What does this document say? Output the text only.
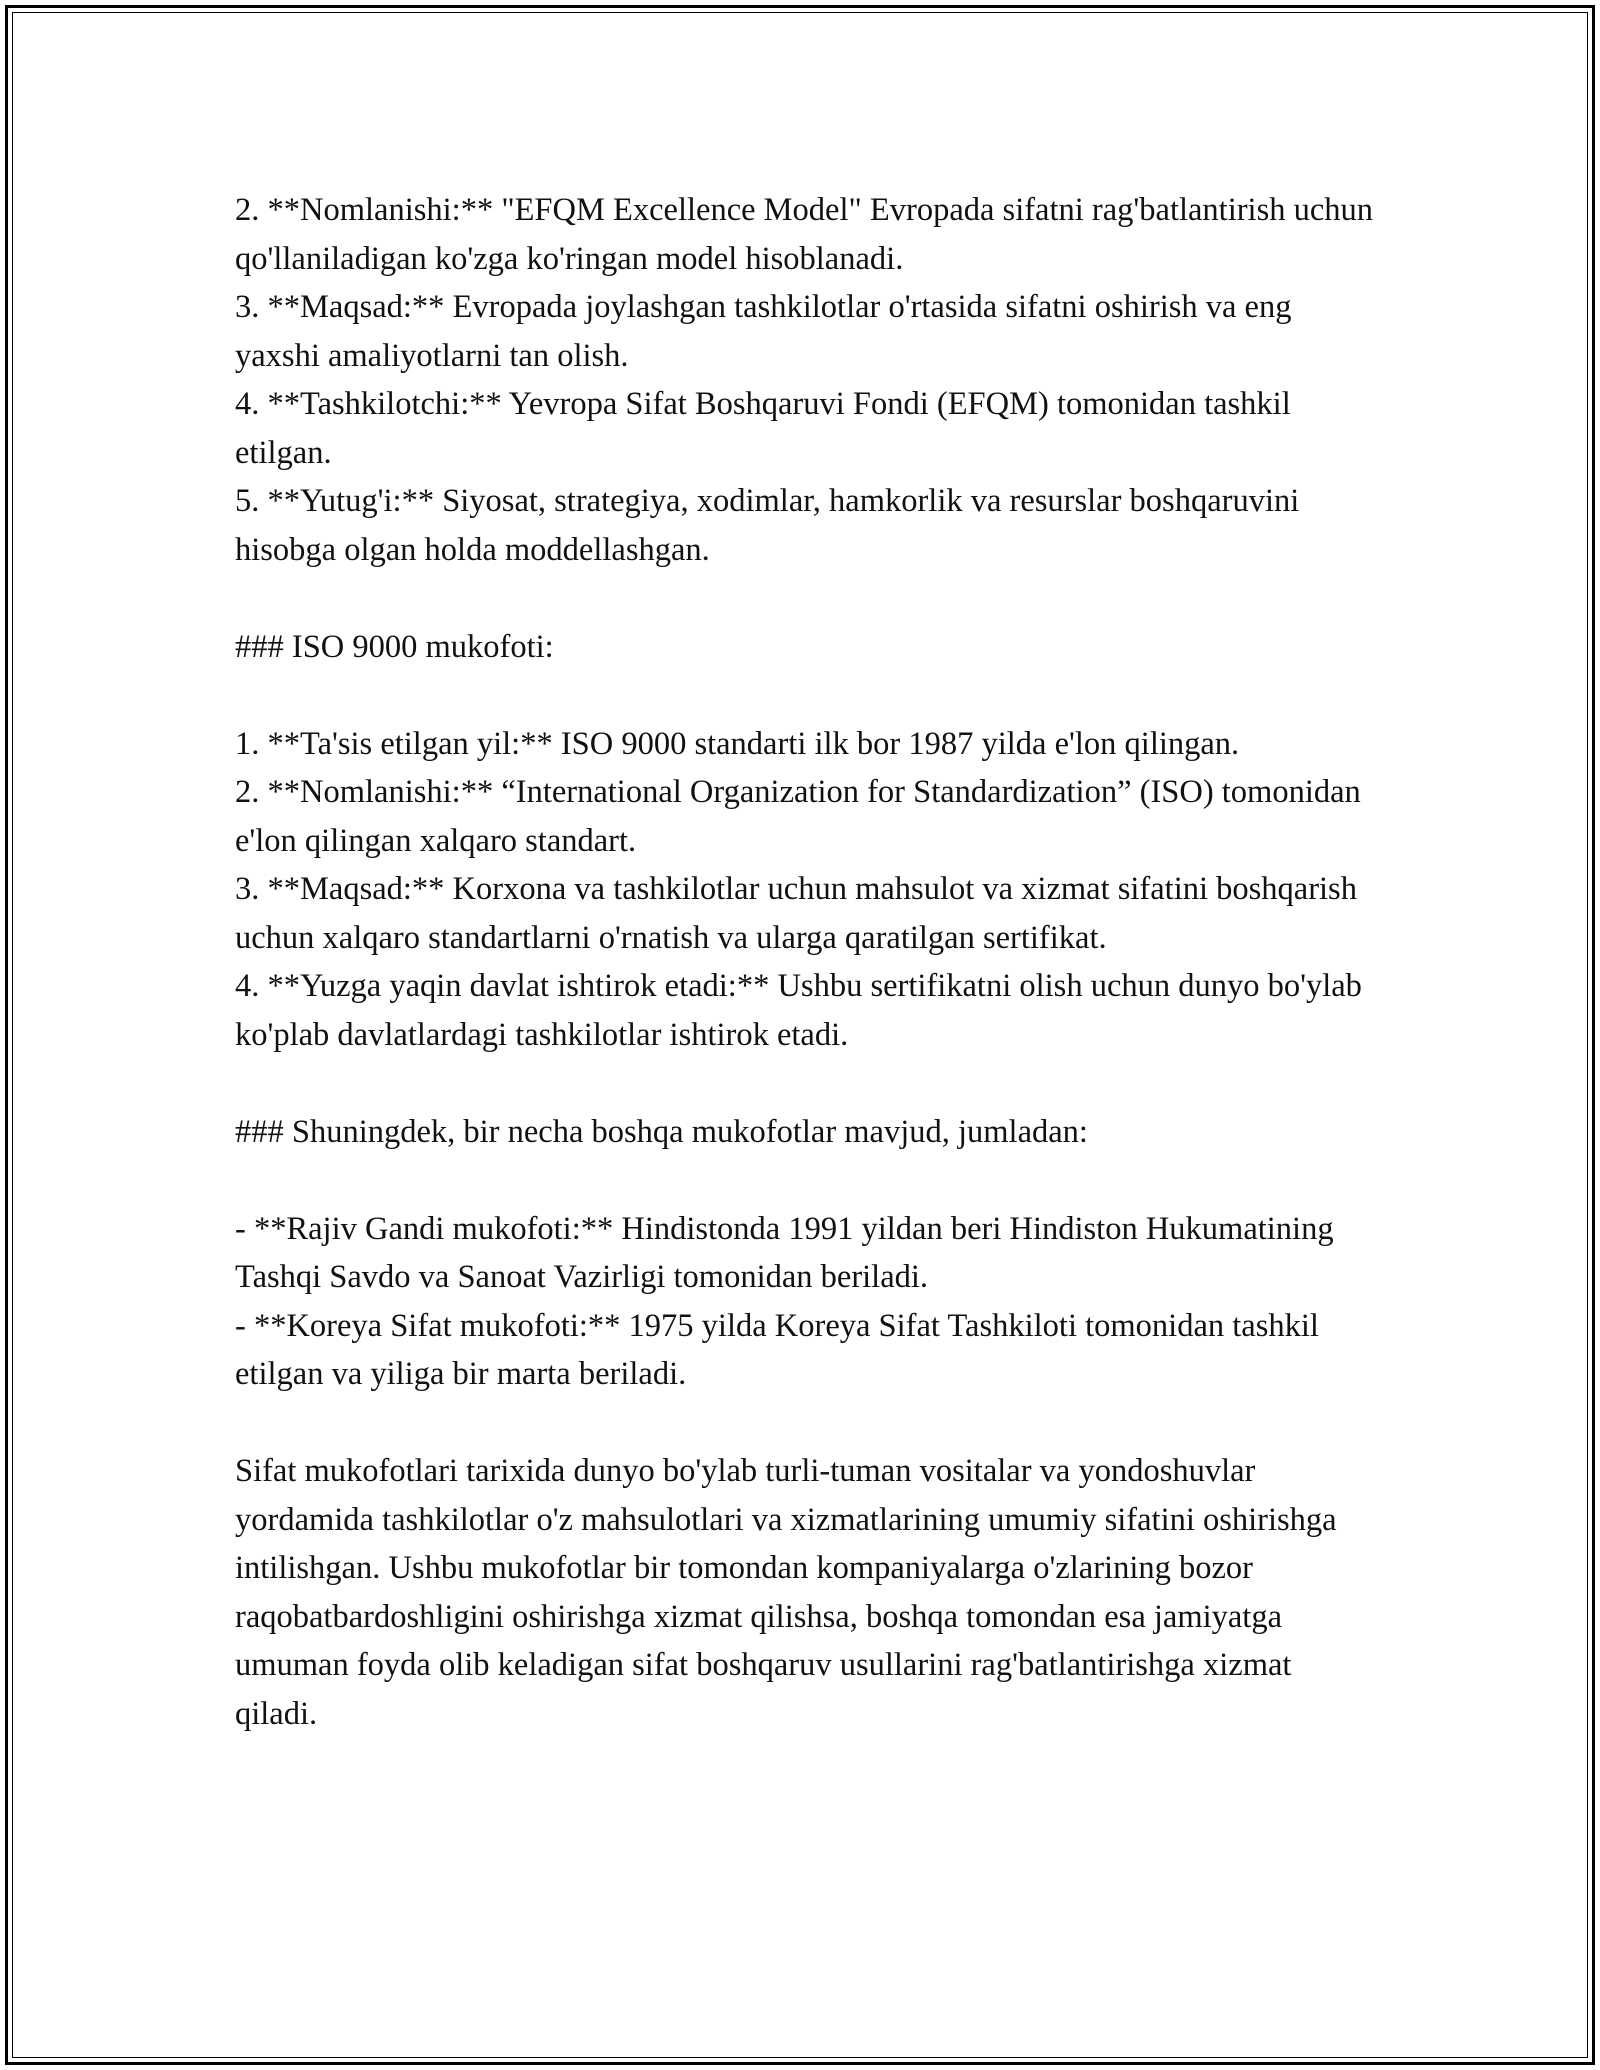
2. **Nomlanishi:** "EFQM Excellence Model" Evropada sifatni rag'batlantirish uchun qo'llaniladigan ko'zga ko'ringan model hisoblanadi.

3. **Maqsad:** Evropada joylashgan tashkilotlar o'rtasida sifatni oshirish va eng yaxshi amaliyotlarni tan olish.

4. **Tashkilotchi:** Yevropa Sifat Boshqaruvi Fondi (EFQM) tomonidan tashkil etilgan.

5. **Yutug'i:** Siyosat, strategiya, xodimlar, hamkorlik va resurslar boshqaruvini hisobga olgan holda moddellashgan.

### ISO 9000 mukofoti:

1. **Ta'sis etilgan yil:** ISO 9000 standarti ilk bor 1987 yilda e'lon qilingan.

2. **Nomlanishi:** “International Organization for Standardization” (ISO) tomonidan e'lon qilingan xalqaro standart.

3. **Maqsad:** Korxona va tashkilotlar uchun mahsulot va xizmat sifatini boshqarish uchun xalqaro standartlarni o'rnatish va ularga qaratilgan sertifikat.

4. **Yuzga yaqin davlat ishtirok etadi:** Ushbu sertifikatni olish uchun dunyo bo'ylab ko'plab davlatlardagi tashkilotlar ishtirok etadi.

### Shuningdek, bir necha boshqa mukofotlar mavjud, jumladan:

- **Rajiv Gandi mukofoti:** Hindistonda 1991 yildan beri Hindiston Hukumatining Tashqi Savdo va Sanoat Vazirligi tomonidan beriladi.

- **Koreya Sifat mukofoti:** 1975 yilda Koreya Sifat Tashkiloti tomonidan tashkil etilgan va yiliga bir marta beriladi.

Sifat mukofotlari tarixida dunyo bo'ylab turli-tuman vositalar va yondoshuvlar yordamida tashkilotlar o'z mahsulotlari va xizmatlarining umumiy sifatini oshirishga intilishgan. Ushbu mukofotlar bir tomondan kompaniyalarga o'zlarining bozor raqobatbardoshligini oshirishga xizmat qilishsa, boshqa tomondan esa jamiyatga umuman foyda olib keladigan sifat boshqaruv usullarini rag'batlantirishga xizmat qiladi.
